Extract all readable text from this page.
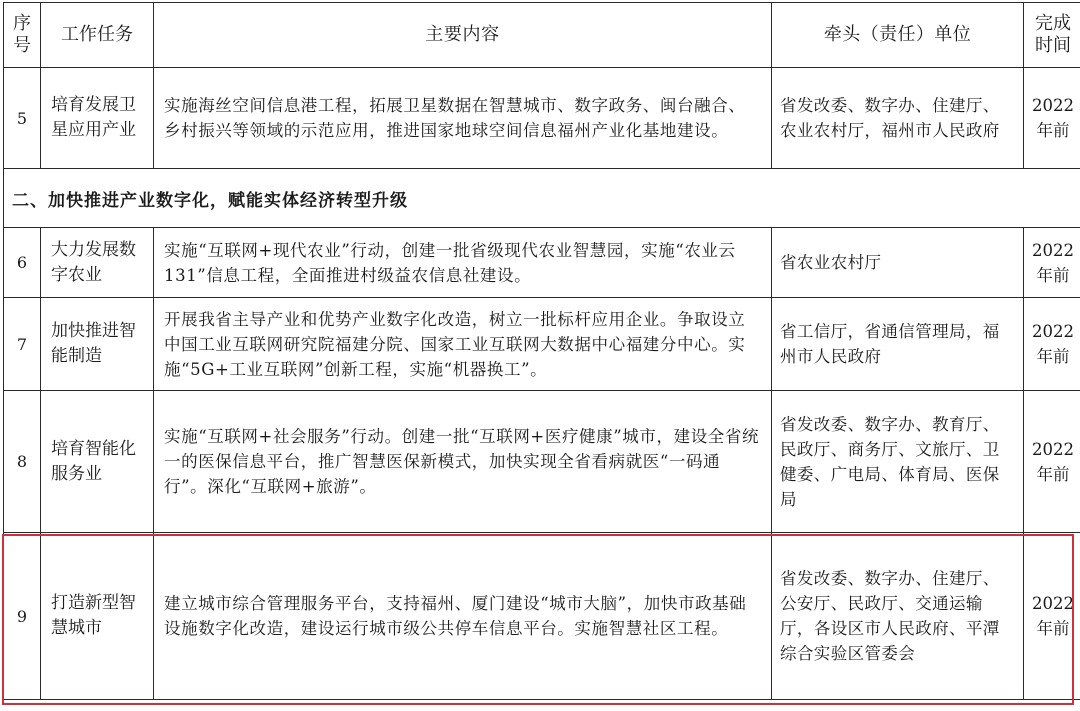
序
号	工作任务	主要内容	牵头（责任）单位	完成
时间
5	培育发展卫星应用产业	实施海丝空间信息港工程，拓展卫星数据在智慧城市、数字政务、闽台融合、乡村振兴等领域的示范应用，推进国家地球空间信息福州产业化基地建设。	省发改委、数字办、住建厅、农业农村厅，福州市人民政府	2022
年前

二、加快推进产业数字化，赋能实体经济转型升级				
6	大力发展数字农业	实施“互联网+现代农业”行动，创建一批省级现代农业智慧园，实施“农业云 131”信息工程，全面推进村级益农信息社建设。	省农业农村厅	2022
年前

7	加快推进智能制造	开展我省主导产业和优势产业数字化改造，树立一批标杆应用企业。争取设立中国工业互联网研究院福建分院、国家工业互联网大数据中心福建分中心。实施“5G+工业互联网”创新工程，实施“机器换工”。	省工信厅，省通信管理局，福州市人民政府	2022
年前

8	培育智能化服务业	实施“互联网+社会服务”行动。创建一批“互联网+医疗健康”城市，建设全省统一的医保信息平台，推广智慧医保新模式，加快实现全省看病就医“一码通行”。深化“互联网+旅游”。	省发改委、数字办、教育厅、民政厅、商务厅、文旅厅、卫健委、广电局、体育局、医保局	2022
年前

9	打造新型智慧城市	建立城市综合管理服务平台，支持福州、厦门建设“城市大脑”，加快市政基础设施数字化改造，建设运行城市级公共停车信息平台。实施智慧社区工程。	省发改委、数字办、住建厅、公安厅、民政厅、交通运输厅，各设区市人民政府、平潭综合实验区管委会	2022
年前
